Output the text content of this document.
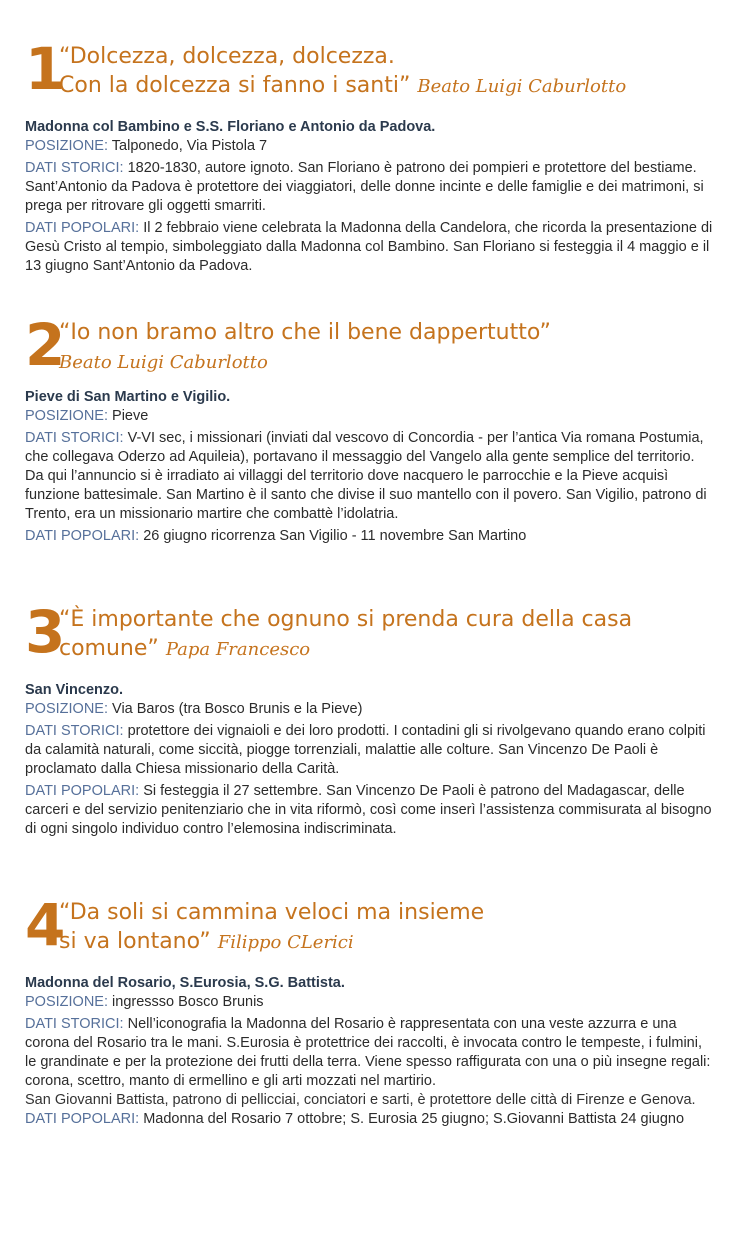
1
“Dolcezza, dolcezza, dolcezza.
Con la dolcezza si fanno i santi” Beato Luigi Caburlotto
Madonna col Bambino e S.S. Floriano e Antonio da Padova.
POSIZIONE: Talponedo, Via Pistola 7
DATI STORICI: 1820-1830, autore ignoto. San Floriano è patrono dei pompieri e protettore del bestiame. Sant’Antonio da Padova è protettore dei viaggiatori, delle donne incinte e delle famiglie e dei matrimoni, si prega per ritrovare gli oggetti smarriti.
DATI POPOLARI: Il 2 febbraio viene celebrata la Madonna della Candelora, che ricorda la presentazione di Gesù Cristo al tempio, simboleggiato dalla Madonna col Bambino. San Floriano si festeggia il 4 maggio e il 13 giugno Sant’Antonio da Padova.
2
“Io non bramo altro che il bene dappertutto”
Beato Luigi Caburlotto
Pieve di San Martino e Vigilio.
POSIZIONE: Pieve
DATI STORICI: V-VI sec, i missionari (inviati dal vescovo di Concordia - per l’antica Via romana Postumia, che collegava Oderzo ad Aquileia), portavano il messaggio del Vangelo alla gente semplice del territorio. Da qui l’annuncio si è irradiato ai villaggi del territorio dove nacquero le parrocchie e la Pieve acquisì funzione battesimale. San Martino è il santo che divise il suo mantello con il povero. San Vigilio, patrono di Trento, era un missionario martire che combattè l’idolatria.
DATI POPOLARI: 26 giugno ricorrenza San Vigilio - 11 novembre San Martino
3
“È importante che ognuno si prenda cura della casa
comune” Papa Francesco
San Vincenzo.
POSIZIONE: Via Baros (tra Bosco Brunis e la Pieve)
DATI STORICI: protettore dei vignaioli e dei loro prodotti. I contadini gli si rivolgevano quando erano colpiti da calamità naturali, come siccità, piogge torrenziali, malattie alle colture. San Vincenzo De Paoli è proclamato dalla Chiesa missionario della Carità.
DATI POPOLARI: Si festeggia il 27 settembre. San Vincenzo De Paoli è patrono del Madagascar, delle carceri e del servizio penitenziario che in vita riformò, così come inserì l’assistenza commisurata al bisogno di ogni singolo individuo contro l’elemosina indiscriminata.
4
“Da soli si cammina veloci ma insieme
si va lontano” Filippo CLerici
Madonna del Rosario, S.Eurosia, S.G. Battista.
POSIZIONE: ingressso Bosco Brunis
DATI STORICI: Nell’iconografia la Madonna del Rosario è rappresentata con una veste azzurra e una corona del Rosario tra le mani. S.Eurosia è protettrice dei raccolti, è invocata contro le tempeste, i fulmini, le grandinate e per la protezione dei frutti della terra. Viene spesso raffigurata con una o più insegne regali: corona, scettro, manto di ermellino e gli arti mozzati nel martirio.
San Giovanni Battista, patrono di pellicciai, conciatori e sarti, è protettore delle città di Firenze e Genova.
DATI POPOLARI: Madonna del Rosario 7 ottobre; S. Eurosia 25 giugno; S.Giovanni Battista 24 giugno
